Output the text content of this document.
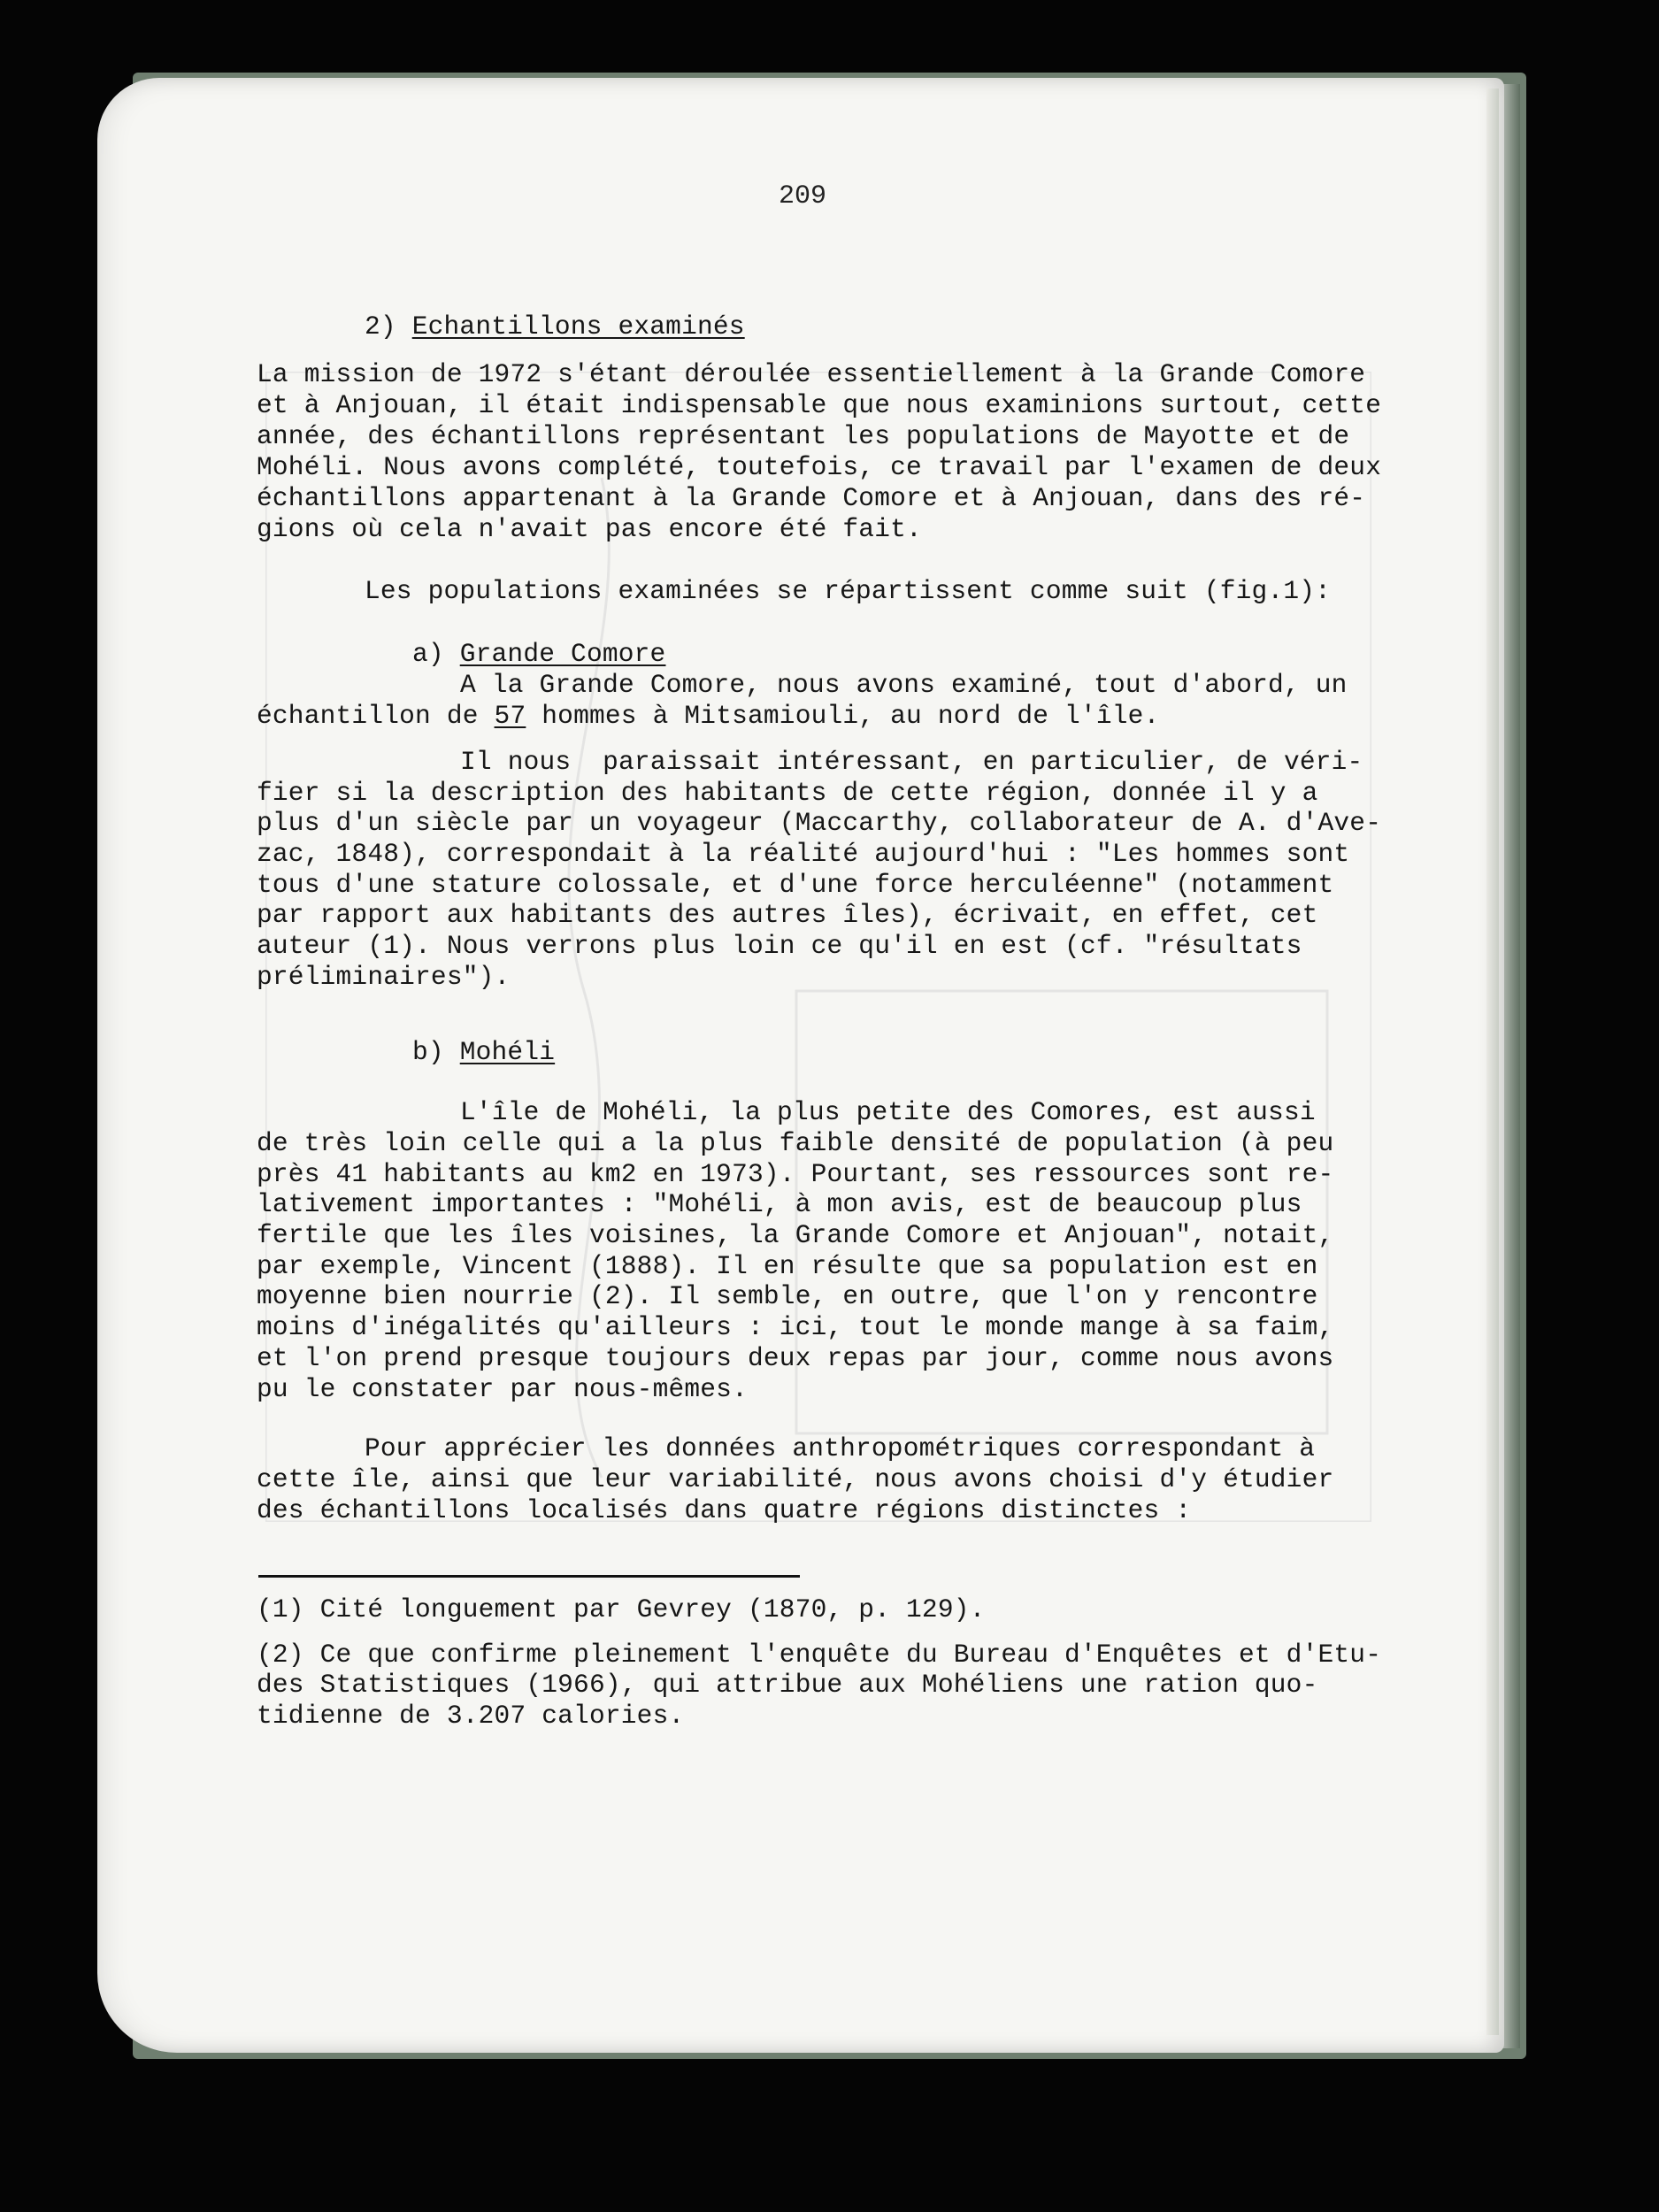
209
2) Echantillons examinés
La mission de 1972 s'étant déroulée essentiellement à la Grande Comore
et à Anjouan, il était indispensable que nous examinions surtout, cette
année, des échantillons représentant les populations de Mayotte et de
Mohéli. Nous avons complété, toutefois, ce travail par l'examen de deux
échantillons appartenant à la Grande Comore et à Anjouan, dans des ré-
gions où cela n'avait pas encore été fait.
Les populations examinées se répartissent comme suit (fig.1):
a) Grande Comore
A la Grande Comore, nous avons examiné, tout d'abord, un
échantillon de 57 hommes à Mitsamiouli, au nord de l'île.
Il nous  paraissait intéressant, en particulier, de véri-
fier si la description des habitants de cette région, donnée il y a
plus d'un siècle par un voyageur (Maccarthy, collaborateur de A. d'Ave-
zac, 1848), correspondait à la réalité aujourd'hui : "Les hommes sont
tous d'une stature colossale, et d'une force herculéenne" (notamment
par rapport aux habitants des autres îles), écrivait, en effet, cet
auteur (1). Nous verrons plus loin ce qu'il en est (cf. "résultats
préliminaires").
b) Mohéli
L'île de Mohéli, la plus petite des Comores, est aussi
de très loin celle qui a la plus faible densité de population (à peu
près 41 habitants au km2 en 1973). Pourtant, ses ressources sont re-
lativement importantes : "Mohéli, à mon avis, est de beaucoup plus
fertile que les îles voisines, la Grande Comore et Anjouan", notait,
par exemple, Vincent (1888). Il en résulte que sa population est en
moyenne bien nourrie (2). Il semble, en outre, que l'on y rencontre
moins d'inégalités qu'ailleurs : ici, tout le monde mange à sa faim,
et l'on prend presque toujours deux repas par jour, comme nous avons
pu le constater par nous-mêmes.
Pour apprécier les données anthropométriques correspondant à
cette île, ainsi que leur variabilité, nous avons choisi d'y étudier
des échantillons localisés dans quatre régions distinctes :
(1) Cité longuement par Gevrey (1870, p. 129).
(2) Ce que confirme pleinement l'enquête du Bureau d'Enquêtes et d'Etu-
des Statistiques (1966), qui attribue aux Mohéliens une ration quo-
tidienne de 3.207 calories.
